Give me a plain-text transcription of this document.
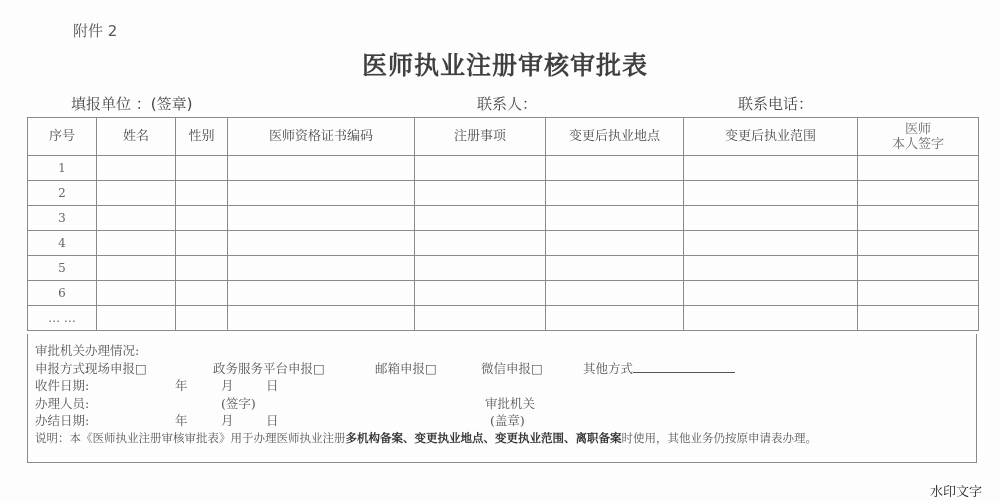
附件 2
医师执业注册审核审批表
填报单位 ：(签章)	联系人：	联系电话：
序号	姓名	性别	医师资格证书编码	注册事项	变更后执业地点	变更后执业范围	医师
本人签字

1							
2							
3							
4							
5							
6							
… …							
审批机关办理情况:
申报方式:
现场申报□	政务服务平台申报□	邮箱申报□	微信申报□	其他方式
收件日期:	年	月	日
办理人员:	(签字)	审批机关
办结日期:	年	月	日	(盖章)
说明：本《医师执业注册审核审批表》用于办理医师执业注册多机构备案、变更执业地点、变更执业范围、离职备案时使用，其他业务仍按原申请表办理。
水印文字
